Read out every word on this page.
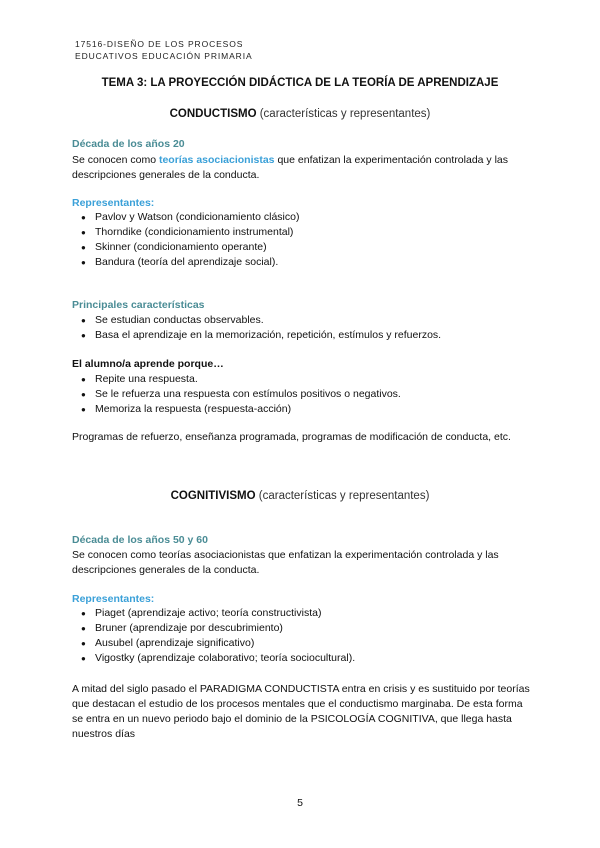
17516-DISEÑO DE LOS PROCESOS
EDUCATIVOS EDUCACIÓN PRIMARIA
TEMA 3: LA PROYECCIÓN DIDÁCTICA DE LA TEORÍA DE APRENDIZAJE
CONDUCTISMO (características y representantes)
Década de los años 20
Se conocen como teorías asociacionistas que enfatizan la experimentación controlada y las descripciones generales de la conducta.
Representantes:
● Pavlov y Watson (condicionamiento clásico)
● Thorndike (condicionamiento instrumental)
● Skinner (condicionamiento operante)
● Bandura (teoría del aprendizaje social).
Principales características
● Se estudian conductas observables.
● Basa el aprendizaje en la memorización, repetición, estímulos y refuerzos.
El alumno/a aprende porque…
● Repite una respuesta.
● Se le refuerza una respuesta con estímulos positivos o negativos.
● Memoriza la respuesta (respuesta-acción)
Programas de refuerzo, enseñanza programada, programas de modificación de conducta, etc.
COGNITIVISMO (características y representantes)
Década de los años 50 y 60
Se conocen como teorías asociacionistas que enfatizan la experimentación controlada y las descripciones generales de la conducta.
Representantes:
● Piaget (aprendizaje activo; teoría constructivista)
● Bruner (aprendizaje por descubrimiento)
● Ausubel (aprendizaje significativo)
● Vigostky (aprendizaje colaborativo; teoría sociocultural).
A mitad del siglo pasado el PARADIGMA CONDUCTISTA entra en crisis y es sustituido por teorías que destacan el estudio de los procesos mentales que el conductismo marginaba. De esta forma se entra en un nuevo periodo bajo el dominio de la PSICOLOGÍA COGNITIVA, que llega hasta nuestros días
5
